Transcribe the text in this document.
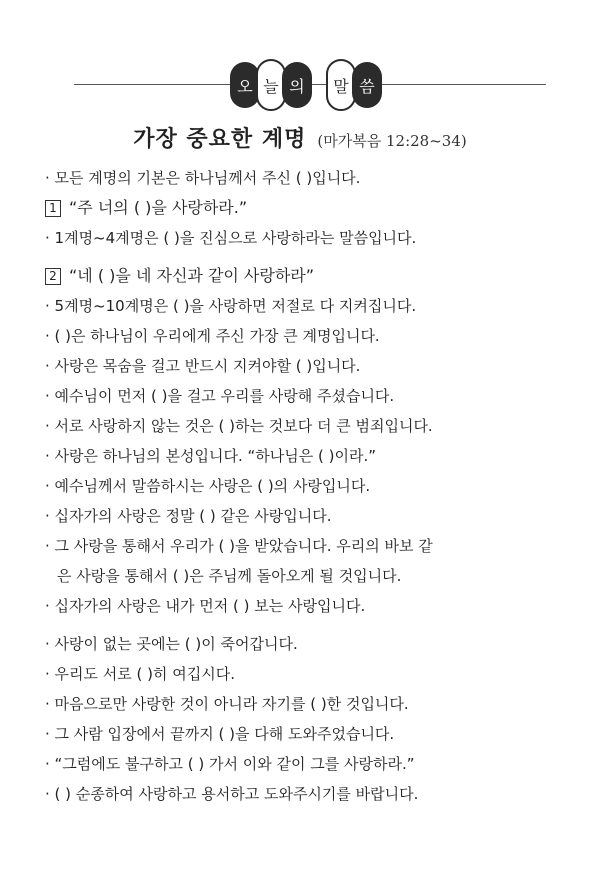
오 늘 의 말 씀
가장 중요한 계명 (마가복음 12:28~34)
· 모든 계명의 기본은 하나님께서 주신 ( )입니다.
1 “주 너의 ( )을 사랑하라.”
· 1계명~4계명은 ( )을 진심으로 사랑하라는 말씀입니다.
2 “네 ( )을 네 자신과 같이 사랑하라”
· 5계명~10계명은 ( )을 사랑하면 저절로 다 지켜집니다.
· ( )은 하나님이 우리에게 주신 가장 큰 계명입니다.
· 사랑은 목숨을 걸고 반드시 지켜야할 ( )입니다.
· 예수님이 먼저 ( )을 걸고 우리를 사랑해 주셨습니다.
· 서로 사랑하지 않는 것은 ( )하는 것보다 더 큰 범죄입니다.
· 사랑은 하나님의 본성입니다. “하나님은 ( )이라.”
· 예수님께서 말씀하시는 사랑은 ( )의 사랑입니다.
· 십자가의 사랑은 정말 ( ) 같은 사랑입니다.
· 그 사랑을 통해서 우리가 ( )을 받았습니다. 우리의 바보 같
은 사랑을 통해서 ( )은 주님께 돌아오게 될 것입니다.
· 십자가의 사랑은 내가 먼저 ( ) 보는 사랑입니다.
· 사랑이 없는 곳에는 ( )이 죽어갑니다.
· 우리도 서로 ( )히 여깁시다.
· 마음으로만 사랑한 것이 아니라 자기를 ( )한 것입니다.
· 그 사람 입장에서 끝까지 ( )을 다해 도와주었습니다.
· “그럼에도 불구하고 ( ) 가서 이와 같이 그를 사랑하라.”
· ( ) 순종하여 사랑하고 용서하고 도와주시기를 바랍니다.
